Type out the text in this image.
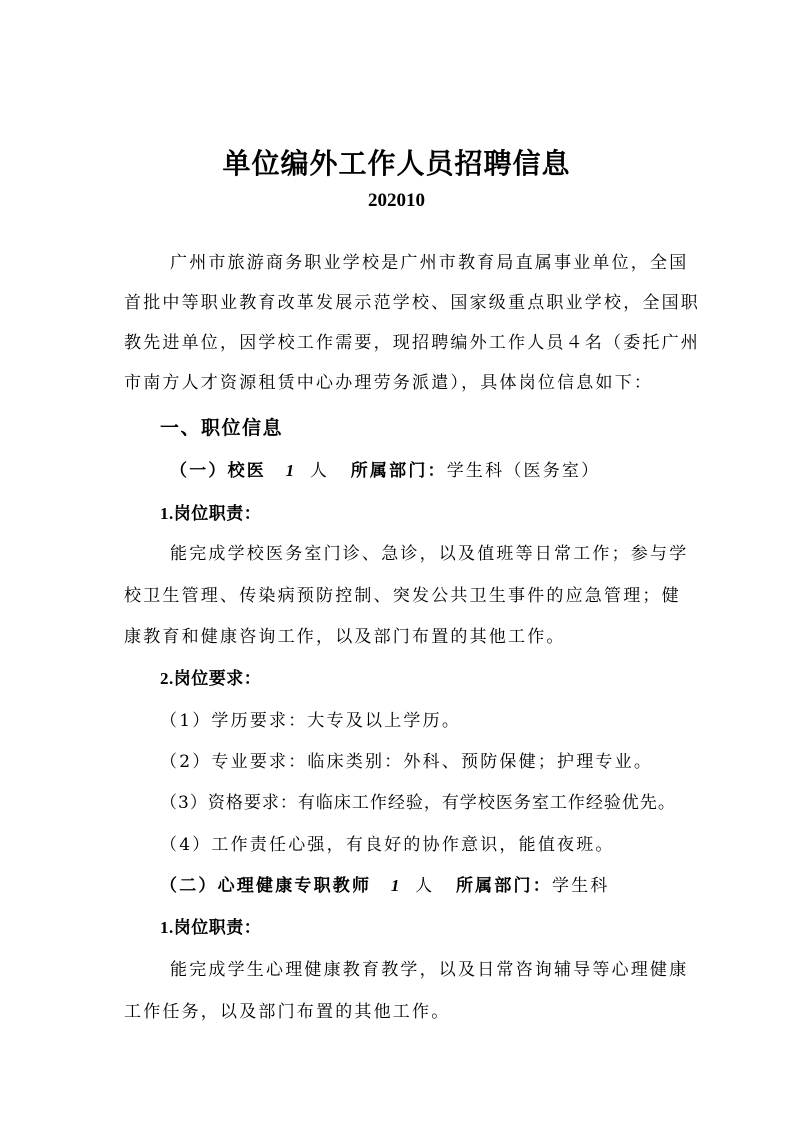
单位编外工作人员招聘信息
202010
广州市旅游商务职业学校是广州市教育局直属事业单位，全国
首批中等职业教育改革发展示范学校、国家级重点职业学校，全国职
教先进单位，因学校工作需要，现招聘编外工作人员４名（委托广州
市南方人才资源租赁中心办理劳务派遣），具体岗位信息如下：
一、职位信息
（一）校医 1 人 所属部门：学生科（医务室）
1.岗位职责：
能完成学校医务室门诊、急诊，以及值班等日常工作；参与学
校卫生管理、传染病预防控制、突发公共卫生事件的应急管理；健
康教育和健康咨询工作，以及部门布置的其他工作。
2.岗位要求：
（1）学历要求：大专及以上学历。
（2）专业要求：临床类别：外科、预防保健；护理专业。
（3）资格要求：有临床工作经验，有学校医务室工作经验优先。
（4）工作责任心强，有良好的协作意识，能值夜班。
（二）心理健康专职教师 1 人 所属部门：学生科
1.岗位职责：
能完成学生心理健康教育教学，以及日常咨询辅导等心理健康
工作任务，以及部门布置的其他工作。
